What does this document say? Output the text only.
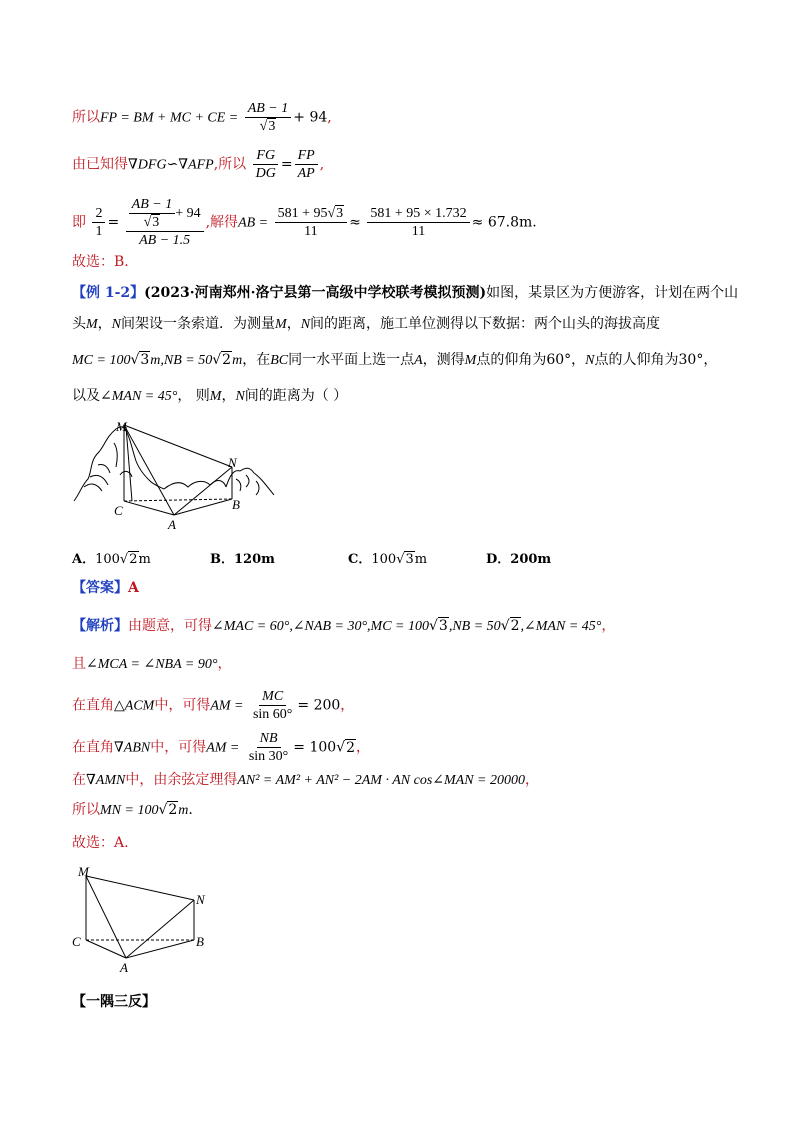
所以FP = BM + MC + CE = $\frac{AB - 1}{√3} + 94$,
由已知得∇DFG∽∇AFP,所以 $\frac{FG}{DG} = \frac{FP}{AP}$ ,
即 $\frac{2}{1} = \frac{\frac{AB - 1}{√3} + 94}{AB - 1.5}$ ,解得AB = $\frac{581 + 95√3}{11} \approx \frac{581 + 95 \times 1.732}{11} \approx 67.8m$.
故选：B.
【例 1-2】(2023·河南郑州·洛宁县第一高级中学校联考模拟预测)如图，某景区为方便游客，计划在两个山
头M，N间架设一条索道．为测量M，N间的距离，施工单位测得以下数据：两个山头的海拔高度
MC = 100√3m,NB = 50√2m，在BC同一水平面上选一点A，测得M点的仰角为60°，N点的人仰角为30°，
以及∠MAN = 45°， 则M，N间的距离为（ ）
M
N
C
A
B
A．100√2m	B．120m	C．100√3m	D．200m
【答案】A
【解析】由题意，可得∠MAC = 60°,∠NAB = 30°,MC = 100√3,NB = 50√2,∠MAN = 45°，
且∠MCA = ∠NBA = 90°，
在直角△ACM中，可得AM = $\frac{MC}{\sin 60^\circ} = 200$，
在直角∇ABN中，可得AM = $\frac{NB}{\sin 30^\circ} = 100√2$，
在∇AMN中，由余弦定理得AN² = AM² + AN² − 2AM · AN cos∠MAN = 20000，
所以MN = 100√2m.
故选：A.
M
N
C
A
B
【一隅三反】
